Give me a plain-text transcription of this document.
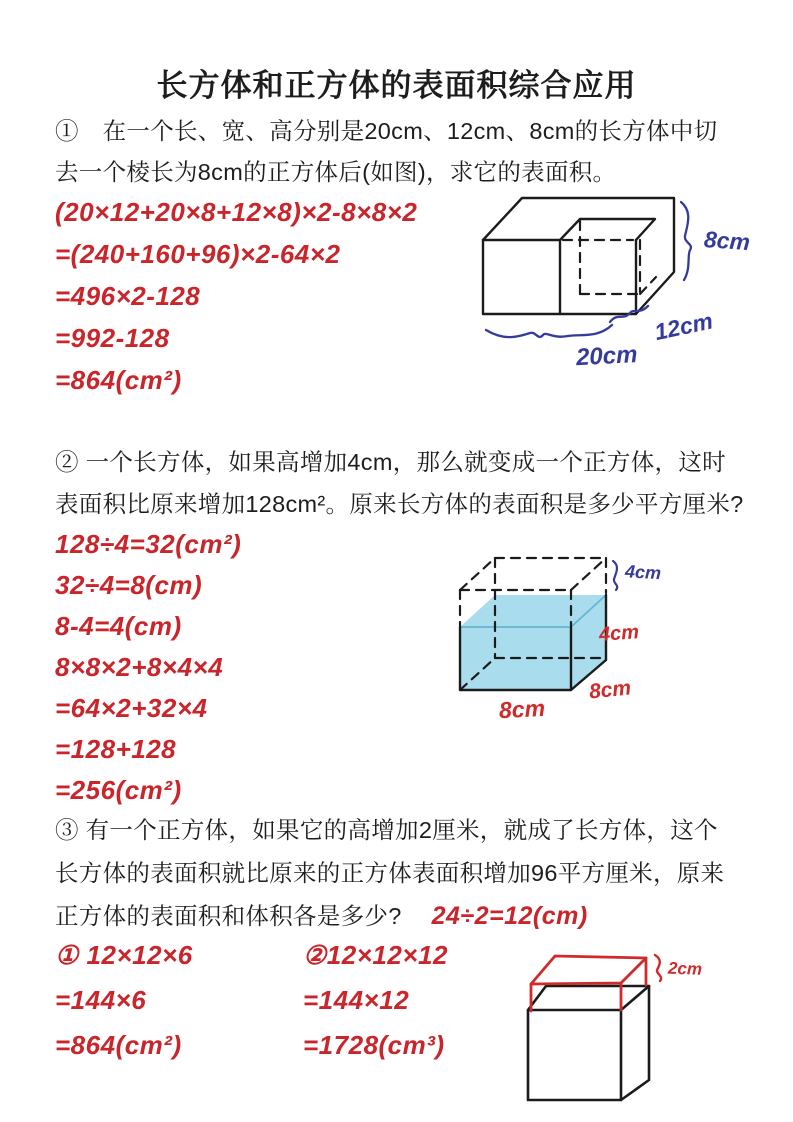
长方体和正方体的表面积综合应用
①　在一个长、宽、高分别是20cm、12cm、8cm的长方体中切
去一个棱长为8cm的正方体后(如图)，求它的表面积。
(20×12+20×8+12×8)×2-8×8×2
=(240+160+96)×2-64×2
=496×2-128
=992-128
=864(cm²)
8cm
12cm
20cm
② 一个长方体，如果高增加4cm，那么就变成一个正方体，这时
表面积比原来增加128cm²。原来长方体的表面积是多少平方厘米?
128÷4=32(cm²)
32÷4=8(cm)
8-4=4(cm)
8×8×2+8×4×4
=64×2+32×4
=128+128
=256(cm²)
4cm
4cm
8cm
8cm
③ 有一个正方体，如果它的高增加2厘米，就成了长方体，这个
长方体的表面积就比原来的正方体表面积增加96平方厘米，原来
正方体的表面积和体积各是多少? 24÷2=12(cm)
① 12×12×6
=144×6
=864(cm²)
②12×12×12
=144×12
=1728(cm³)
2cm
